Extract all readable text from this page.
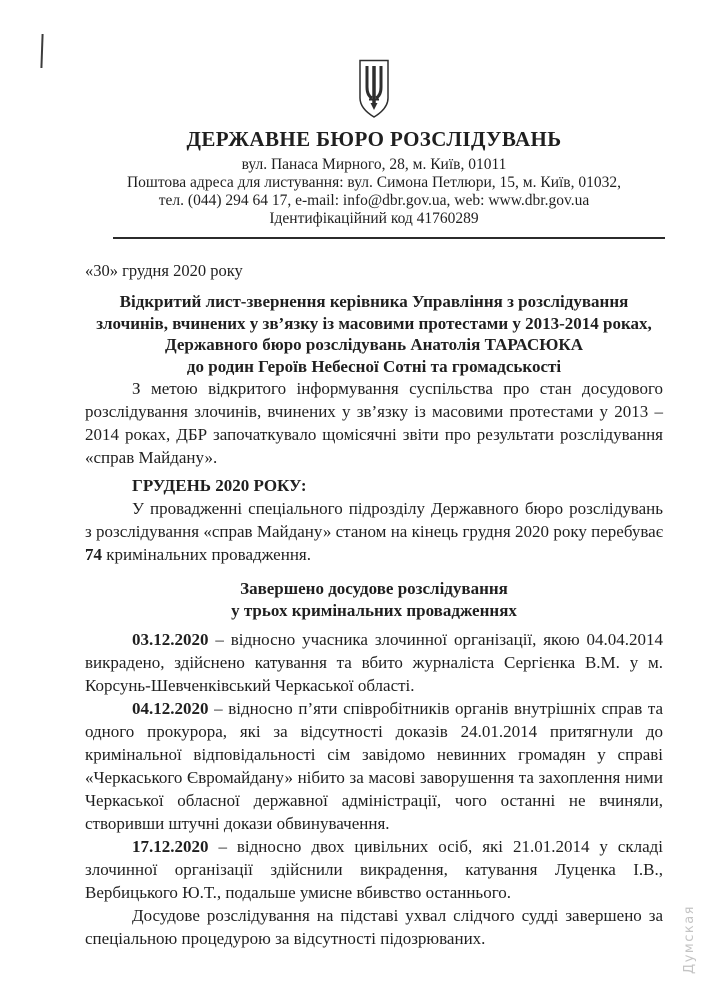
ДЕРЖАВНЕ БЮРО РОЗСЛІДУВАНЬ
вул. Панаса Мирного, 28, м. Київ, 01011
Поштова адреса для листування: вул. Симона Петлюри, 15, м. Київ, 01032,
тел. (044) 294 64 17, e-mail: info@dbr.gov.ua, web: www.dbr.gov.ua
Ідентифікаційний код 41760289
«30» грудня 2020 року
Відкритий лист-звернення керівника Управління з розслідування
злочинів, вчинених у зв’язку із масовими протестами у 2013-2014 роках,
Державного бюро розслідувань Анатолія ТАРАСЮКА
до родин Героїв Небесної Сотні та громадськості

З метою відкритого інформування суспільства про стан досудового розслідування злочинів, вчинених у зв’язку із масовими протестами у 2013 – 2014 роках, ДБР започаткувало щомісячні звіти про результати розслідування «справ Майдану».

ГРУДЕНЬ 2020 РОКУ:

У провадженні спеціального підрозділу Державного бюро розслідувань з розслідування «справ Майдану» станом на кінець грудня 2020 року перебуває 74 кримінальних провадження.

Завершено досудове розслідування
у трьох кримінальних провадженнях

03.12.2020 – відносно учасника злочинної організації, якою 04.04.2014 викрадено, здійснено катування та вбито журналіста Сергієнка В.М. у м. Корсунь-Шевченківський Черкаської області.

04.12.2020 – відносно п’яти співробітників органів внутрішніх справ та одного прокурора, які за відсутності доказів 24.01.2014 притягнули до кримінальної відповідальності сім завідомо невинних громадян у справі «Черкаського Євромайдану» нібито за масові заворушення та захоплення ними Черкаської обласної державної адміністрації, чого останні не вчиняли, створивши штучні докази обвинувачення.

17.12.2020 – відносно двох цивільних осіб, які 21.01.2014 у складі злочинної організації здійснили викрадення, катування Луценка І.В., Вербицького Ю.Т., подальше умисне вбивство останнього.

Досудове розслідування на підставі ухвал слідчого судді завершено за спеціальною процедурою за відсутності підозрюваних.	Думская
